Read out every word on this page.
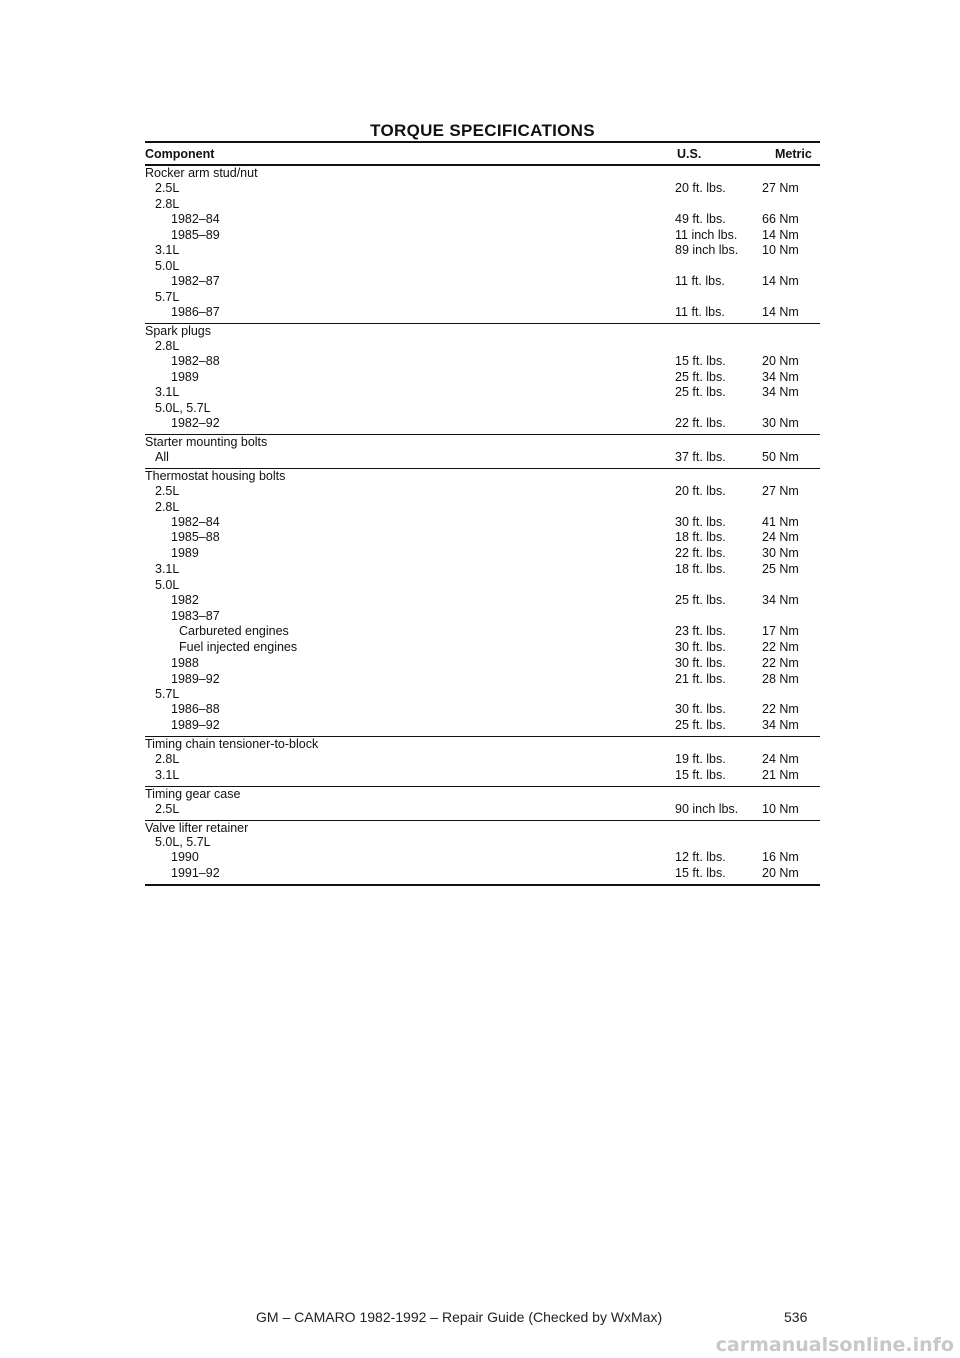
TORQUE SPECIFICATIONS
Component	U.S.	Metric
Rocker arm stud/nut
2.5L	20 ft. lbs.	27 Nm
2.8L
1982–84	49 ft. lbs.	66 Nm
1985–89	11 inch lbs. 14 Nm
3.1L	89 inch lbs. 10 Nm
5.0L
1982–87	11 ft. lbs.	14 Nm
5.7L
1986–87	11 ft. lbs.	14 Nm
Spark plugs
2.8L
1982–88	15 ft. lbs.	20 Nm
1989	25 ft. lbs.	34 Nm
3.1L	25 ft. lbs.	34 Nm
5.0L, 5.7L
1982–92	22 ft. lbs.	30 Nm
Starter mounting bolts
All	37 ft. lbs.	50 Nm
Thermostat housing bolts
2.5L	20 ft. lbs.	27 Nm
2.8L
1982–84	30 ft. lbs.	41 Nm
1985–88	18 ft. lbs.	24 Nm
1989	22 ft. lbs.	30 Nm
3.1L	18 ft. lbs.	25 Nm
5.0L
1982	25 ft. lbs.	34 Nm
1983–87
Carbureted engines	23 ft. lbs.	17 Nm
Fuel injected engines	30 ft. lbs.	22 Nm
1988	30 ft. lbs.	22 Nm
1989–92	21 ft. lbs.	28 Nm
5.7L
1986–88	30 ft. lbs.	22 Nm
1989–92	25 ft. lbs.	34 Nm
Timing chain tensioner-to-block
2.8L	19 ft. lbs.	24 Nm
3.1L	15 ft. lbs.	21 Nm
Timing gear case
2.5L	90 inch lbs. 10 Nm
Valve lifter retainer
5.0L, 5.7L
1990	12 ft. lbs.	16 Nm
1991–92	15 ft. lbs.	20 Nm
GM – CAMARO 1982-1992 – Repair Guide (Checked by WxMax)	536
carmanualsonline.info
